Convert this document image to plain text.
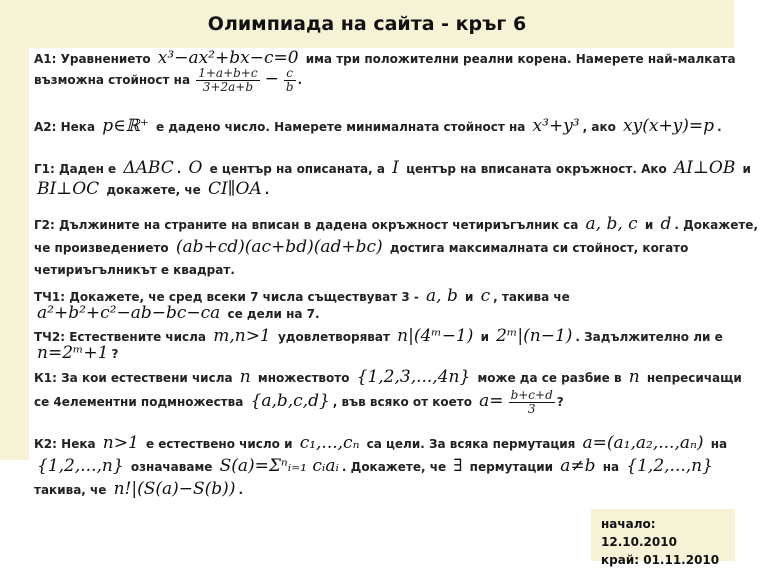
Олимпиада на сайта - кръг 6
А1: Уравнението x³−ax²+bx−c=0 има три положителни реални корена. Намерете най-малката възможна стойност на $\frac{1+a+b+c}{3+2a+b} - \frac{c}{b}$ .
А2: Нека p∈ℝ⁺ е дадено число. Намерете минималната стойност на x³+y³ , ако xy(x+y)=p .
Г1: Даден е ΔABC . O е център на описаната, а I център на вписаната окръжност. Ако AI⊥OB и BI⊥OC докажете, че CI∥OA .
Г2: Дължините на страните на вписан в дадена окръжност четириъгълник са a, b, c и d . Докажете, че произведението (ab+cd)(ac+bd)(ad+bc) достига максималната си стойност, когато четириъгълникът е квадрат.
ТЧ1: Докажете, че сред всеки 7 числа съществуват 3 - a, b и c , такива че a²+b²+c²−ab−bc−ca се дели на 7.
ТЧ2: Естествените числа m,n>1 удовлетворяват n|(4ᵐ−1) и 2ᵐ|(n−1) . Задължително ли е n=2ᵐ+1 ?
К1: За кои естествени числа n множеството {1,2,3,...,4n} може да се разбие в n непресичащи се 4елементни подмножества {a,b,c,d} , във всяко от което $a= \frac{b+c+d}{3}$ ?
К2: Нека n>1 е естествено число и c₁,...,cₙ са цели. За всяка пермутация a=(a₁,a₂,...,aₙ) на {1,2,...,n} означаваме S(a)=Σⁿᵢ₌₁ cᵢaᵢ . Докажете, че ∃ пермутации a≠b на {1,2,...,n} такива, че n!|(S(a)−S(b)) .
начало: 12.10.2010
край: 01.11.2010
